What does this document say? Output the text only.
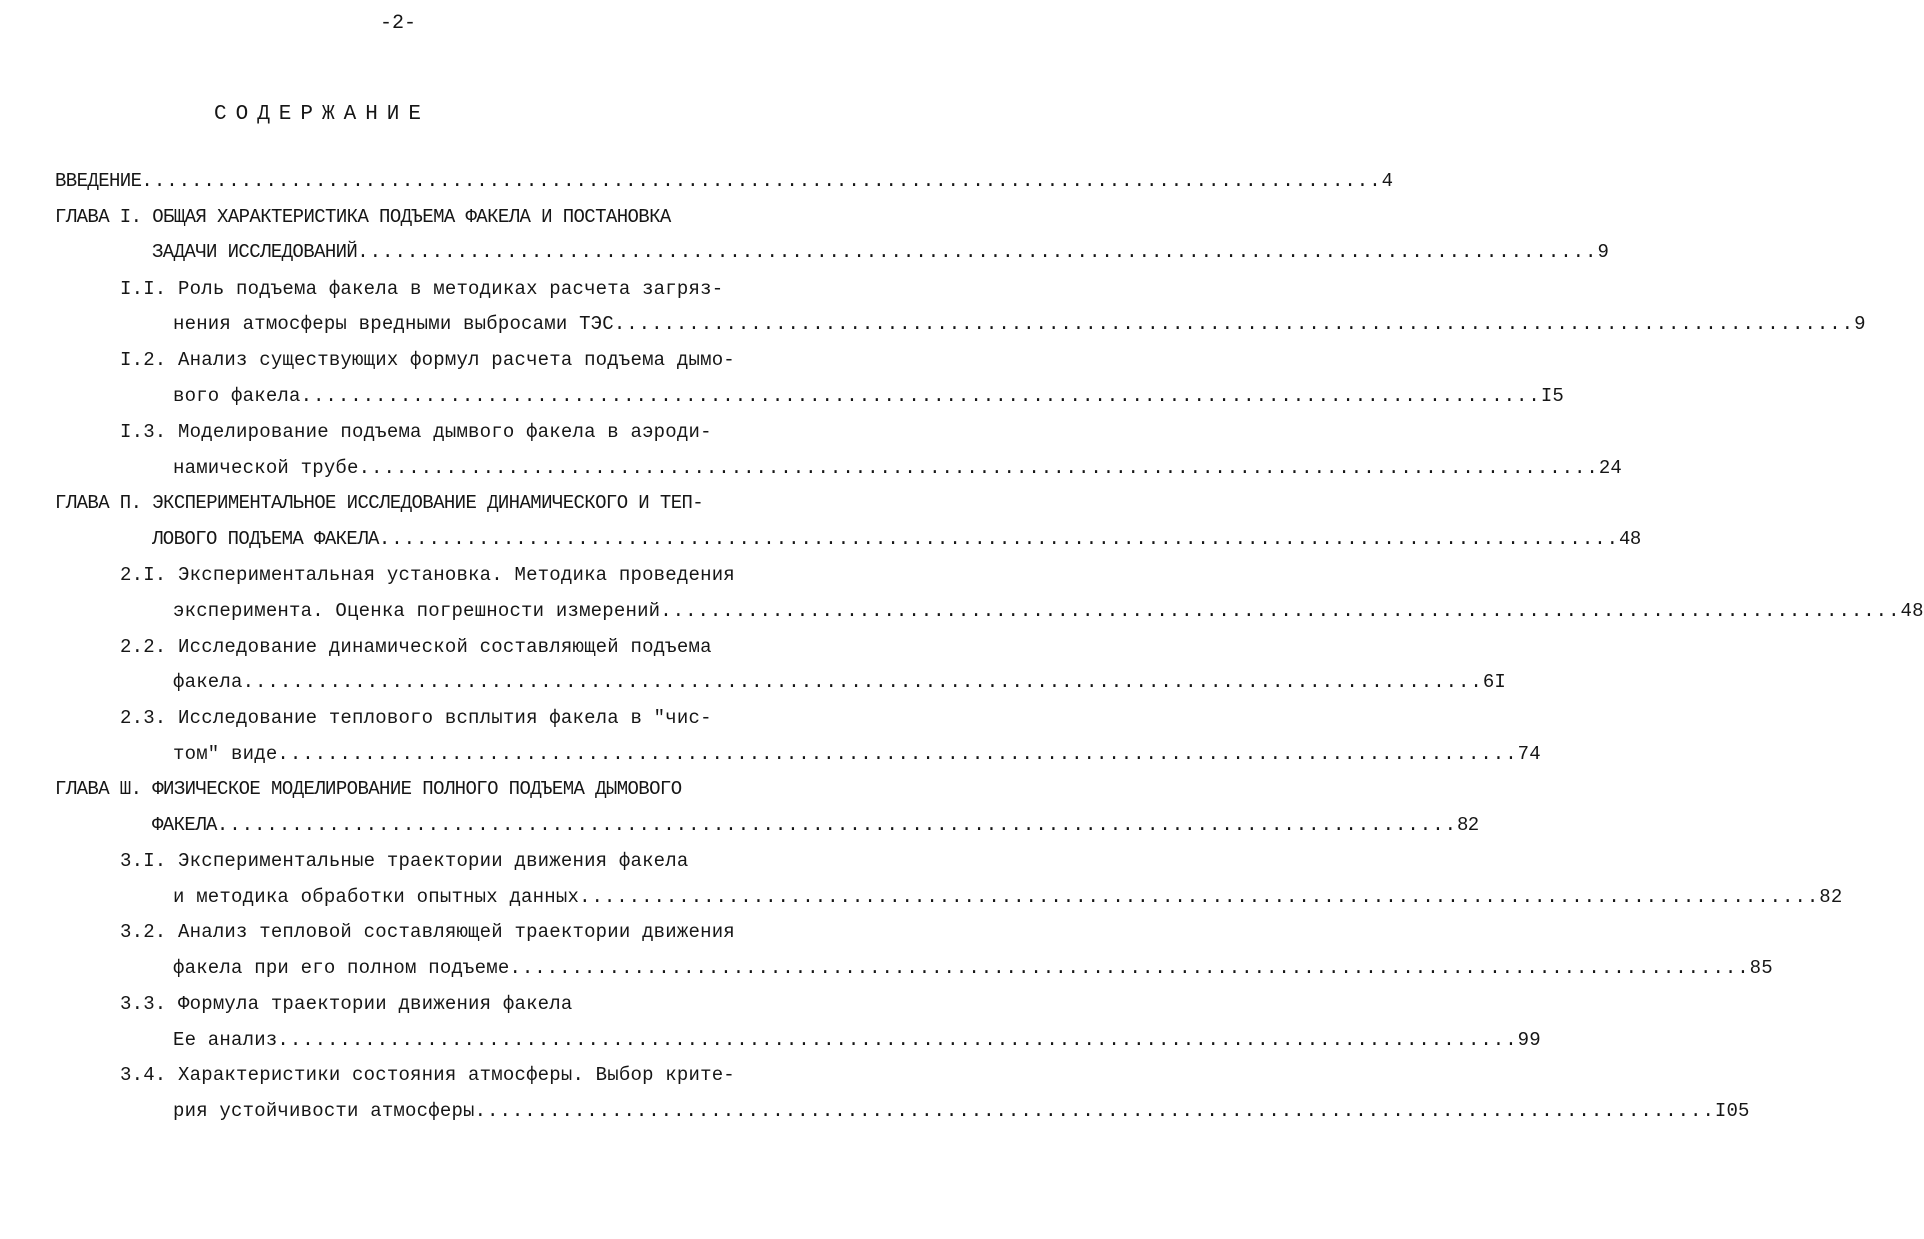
-2-
СОДЕРЖАНИЕ
ВВЕДЕНИЕ .................................................................................................... 4
ГЛАВА I. ОБЩАЯ ХАРАКТЕРИСТИКА ПОДЪЕМА ФАКЕЛА И ПОСТАНОВКА
ЗАДАЧИ ИССЛЕДОВАНИЙ .................................................................................................... 9
I.I. Роль подъема факела в методиках расчета загряз-
нения атмосферы вредными выбросами ТЭС .................................................................................................... 9
I.2. Анализ существующих формул расчета подъема дымо-
вого факела .................................................................................................... I5
I.3. Моделирование подъема дымвого факела в аэроди-
намической трубе .................................................................................................... 24
ГЛАВА П. ЭКСПЕРИМЕНТАЛЬНОЕ ИССЛЕДОВАНИЕ ДИНАМИЧЕСКОГО И ТЕП-
ЛОВОГО ПОДЪЕМА ФАКЕЛА .................................................................................................... 48
2.I. Экспериментальная установка. Методика проведения
эксперимента. Оценка погрешности измерений .................................................................................................... 48
2.2. Исследование динамической составляющей подъема
факела .................................................................................................... 6I
2.3. Исследование теплового всплытия факела в "чис-
том" виде .................................................................................................... 74
ГЛАВА Ш. ФИЗИЧЕСКОЕ МОДЕЛИРОВАНИЕ ПОЛНОГО ПОДЪЕМА ДЫМОВОГО
ФАКЕЛА .................................................................................................... 82
3.I. Экспериментальные траектории движения факела
и методика обработки опытных данных .................................................................................................... 82
3.2. Анализ тепловой составляющей траектории движения
факела при его полном подъеме .................................................................................................... 85
3.3. Формула траектории движения факела
Ее анализ .................................................................................................... 99
3.4. Характеристики состояния атмосферы. Выбор крите-
рия устойчивости атмосферы .................................................................................................... I05
